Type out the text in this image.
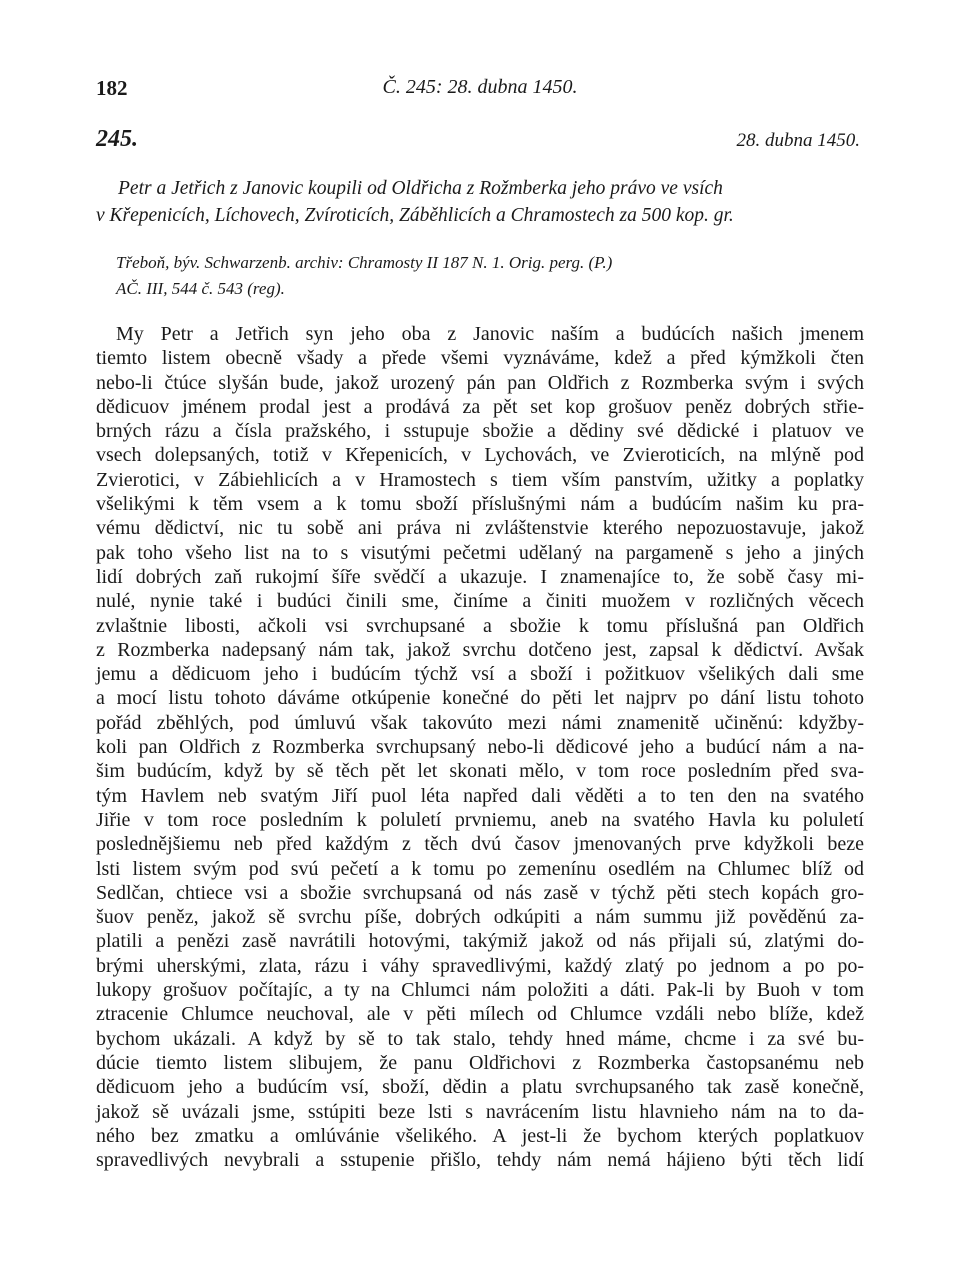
182	Č. 245: 28. dubna 1450.
245.	28. dubna 1450.
Petr a Jetřich z Janovic koupili od Oldřicha z Rožmberka jeho právo ve vsích
v Křepenicích, Líchovech, Zvíroticích, Záběhlicích a Chramostech za 500 kop. gr.
Třeboň, býv. Schwarzenb. archiv: Chramosty II 187 N. 1. Orig. perg. (P.)
AČ. III, 544 č. 543 (reg).
My Petr a Jetřich syn jeho oba z Janovic naším a budúcích našich jmenem
tiemto listem obecně všady a přede všemi vyznáváme, kdež a před kýmžkoli čten
nebo-li čtúce slyšán bude, jakož urozený pán pan Oldřich z Rozmberka svým i svých
dědicuov jménem prodal jest a prodává za pět set kop grošuov peněz dobrých střie-
brných rázu a čísla pražského, i sstupuje sbožie a dědiny své dědické i platuov ve
vsech dolepsaných, totiž v Křepenicích, v Lychovách, ve Zvieroticích, na mlýně pod
Zvierotici, v Zábiehlicích a v Hramostech s tiem vším panstvím, užitky a poplatky
všelikými k těm vsem a k tomu sboží příslušnými nám a budúcím našim ku pra-
vému dědictví, nic tu sobě ani práva ni zvláštenstvie kterého nepozuostavuje, jakož
pak toho všeho list na to s visutými pečetmi udělaný na pargameně s jeho a jiných
lidí dobrých zaň rukojmí šíře svědčí a ukazuje. I znamenajíce to, že sobě časy mi-
nulé, nynie také i budúci činili sme, činíme a činiti muožem v rozličných věcech
zvlaštnie libosti, ačkoli vsi svrchupsané a sbožie k tomu příslušná pan Oldřich
z Rozmberka nadepsaný nám tak, jakož svrchu dotčeno jest, zapsal k dědictví. Avšak
jemu a dědicuom jeho i budúcím týchž vsí a sboží i požitkuov všelikých dali sme
a mocí listu tohoto dáváme otkúpenie konečné do pěti let najprv po dání listu tohoto
pořád zběhlých, pod úmluvú však takovúto mezi námi znamenitě učiněnú: kdyžby-
koli pan Oldřich z Rozmberka svrchupsaný nebo-li dědicové jeho a budúcí nám a na-
šim budúcím, když by sě těch pět let skonati mělo, v tom roce posledním před sva-
tým Havlem neb svatým Jiří puol léta napřed dali věděti a to ten den na svatého
Jiřie v tom roce posledním k poluletí prvniemu, aneb na svatého Havla ku poluletí
poslednějšiemu neb před každým z těch dvú časov jmenovaných prve kdyžkoli beze
lsti listem svým pod svú pečetí a k tomu po zemenínu osedlém na Chlumec blíž od
Sedlčan, chtiece vsi a sbožie svrchupsaná od nás zasě v týchž pěti stech kopách gro-
šuov peněz, jakož sě svrchu píše, dobrých odkúpiti a nám summu již pověděnú za-
platili a penězi zasě navrátili hotovými, takýmiž jakož od nás přijali sú, zlatými do-
brými uherskými, zlata, rázu i váhy spravedlivými, každý zlatý po jednom a po po-
lukopy grošuov počítajíc, a ty na Chlumci nám položiti a dáti. Pak-li by Buoh v tom
ztracenie Chlumce neuchoval, ale v pěti mílech od Chlumce vzdáli nebo blíže, kdež
bychom ukázali. A když by sě to tak stalo, tehdy hned máme, chcme i za své bu-
dúcie tiemto listem slibujem, že panu Oldřichovi z Rozmberka častopsanému neb
dědicuom jeho a budúcím vsí, sboží, dědin a platu svrchupsaného tak zasě konečně,
jakož sě uvázali jsme, sstúpiti beze lsti s navrácením listu hlavnieho nám na to da-
ného bez zmatku a omlúvánie všelikého. A jest-li že bychom kterých poplatkuov
spravedlivých nevybrali a sstupenie přišlo, tehdy nám nemá hájieno býti těch lidí
